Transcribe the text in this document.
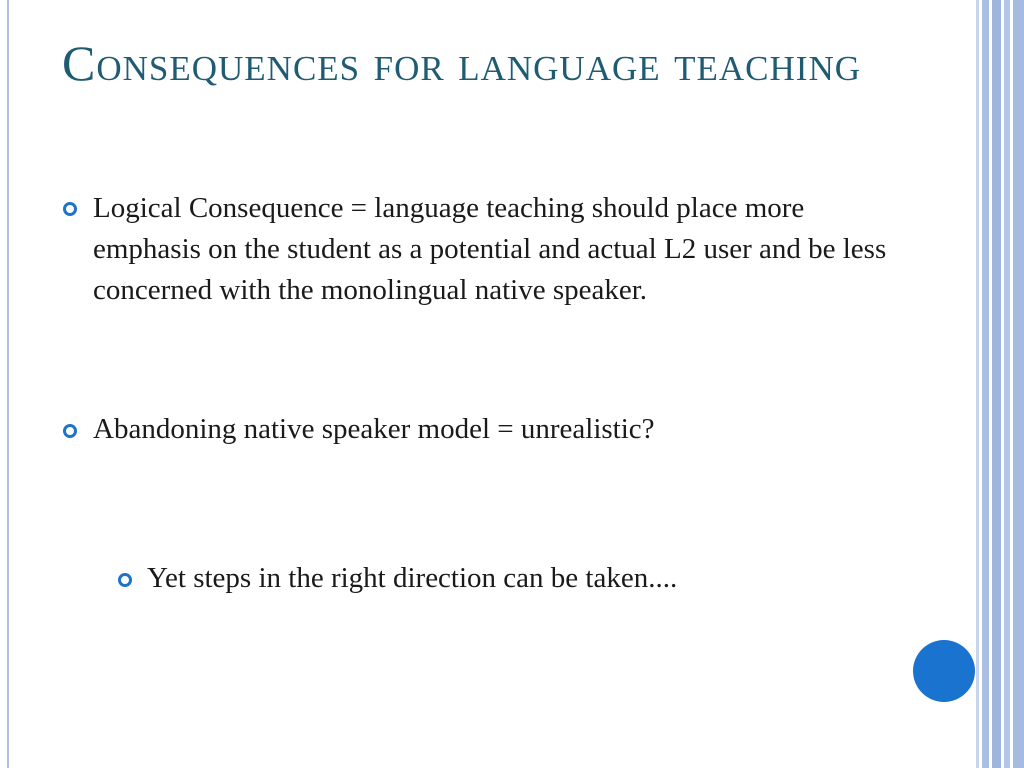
Consequences for language teaching
Logical Consequence = language teaching should place more emphasis on the student as a potential and actual L2 user and be less concerned with the monolingual native speaker.
Abandoning native speaker model = unrealistic?
Yet steps in the right direction can be taken....
